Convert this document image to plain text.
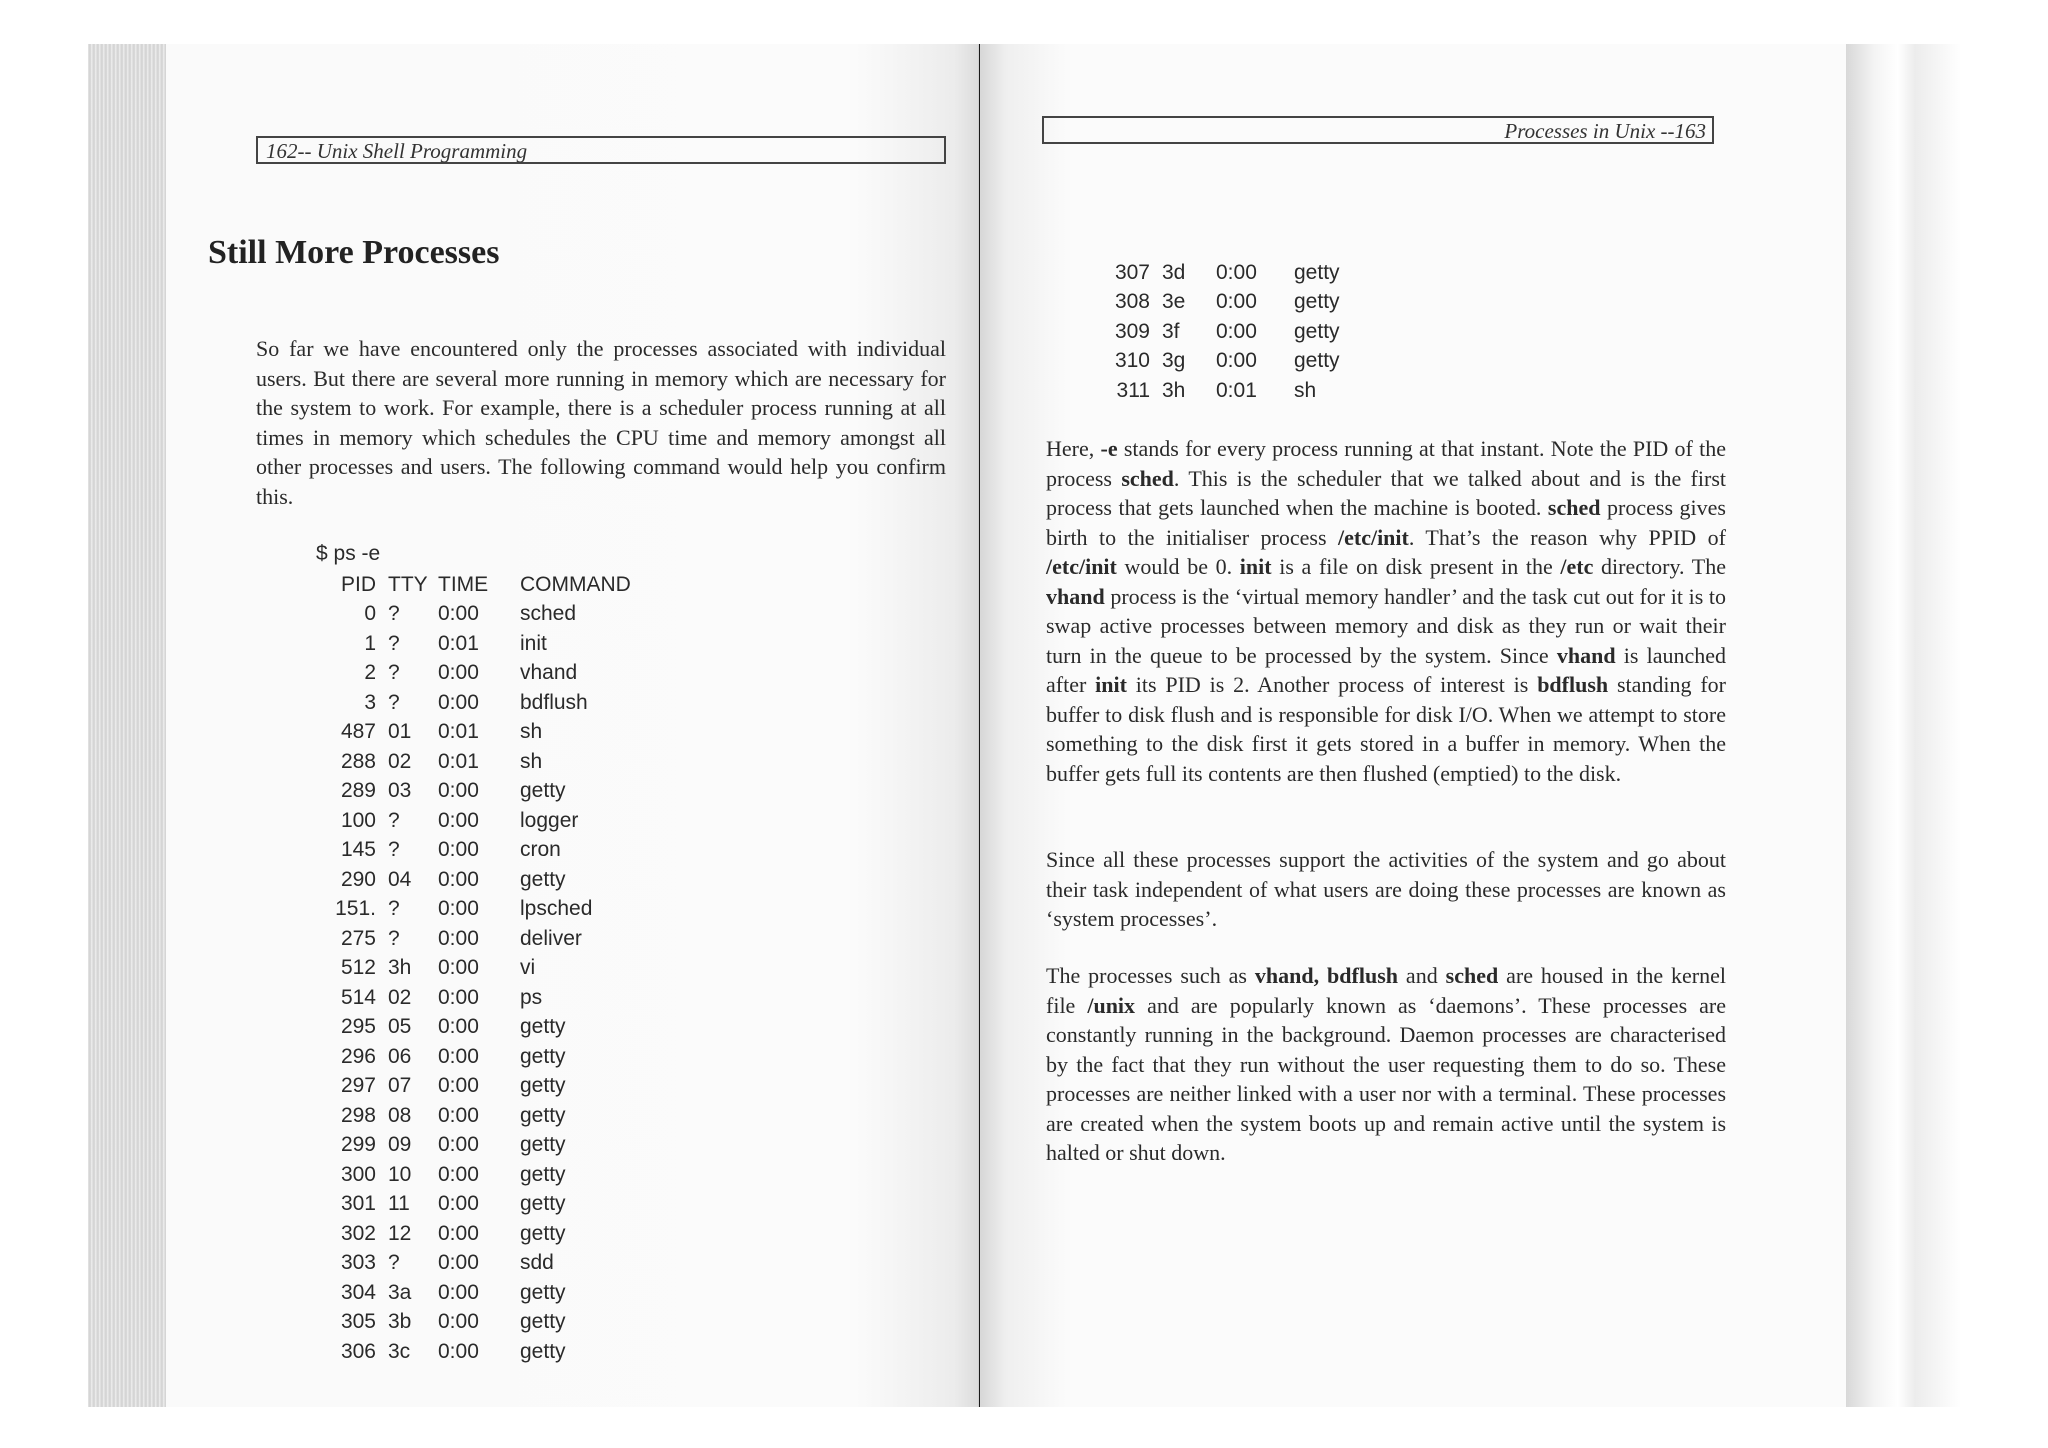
162-- Unix Shell Programming
Still More Processes

So far we have encountered only the processes associated with individual users. But there are several more running in memory which are necessary for the system to work. For example, there is a scheduler process running at all times in memory which schedules the CPU time and memory amongst all other processes and users. The following command would help you confirm this.

$ ps -e
PID	TTY	TIME	COMMAND
0	?	0:00	sched
1	?	0:01	init
2	?	0:00	vhand
3	?	0:00	bdflush
487	01	0:01	sh
288	02	0:01	sh
289	03	0:00	getty
100	?	0:00	logger
145	?	0:00	cron
290	04	0:00	getty
151.	?	0:00	lpsched
275	?	0:00	deliver
512	3h	0:00	vi
514	02	0:00	ps
295	05	0:00	getty
296	06	0:00	getty
297	07	0:00	getty
298	08	0:00	getty
299	09	0:00	getty
300	10	0:00	getty
301	11	0:00	getty
302	12	0:00	getty
303	?	0:00	sdd
304	3a	0:00	getty
305	3b	0:00	getty
306	3c	0:00	getty
Processes in Unix --163
307	3d	0:00	getty
308	3e	0:00	getty
309	3f	0:00	getty
310	3g	0:00	getty
311	3h	0:01	sh

Here, -e stands for every process running at that instant. Note the PID of the process sched. This is the scheduler that we talked about and is the first process that gets launched when the machine is booted. sched process gives birth to the initialiser process /etc/init. That’s the reason why PPID of /etc/init would be 0. init is a file on disk present in the /etc directory. The vhand process is the ‘virtual memory handler’ and the task cut out for it is to swap active processes between memory and disk as they run or wait their turn in the queue to be processed by the system. Since vhand is launched after init its PID is 2. Another process of interest is bdflush standing for buffer to disk flush and is responsible for disk I/O. When we attempt to store something to the disk first it gets stored in a buffer in memory. When the buffer gets full its contents are then flushed (emptied) to the disk.

Since all these processes support the activities of the system and go about their task independent of what users are doing these processes are known as ‘system processes’.

The processes such as vhand, bdflush and sched are housed in the kernel file /unix and are popularly known as ‘daemons’. These processes are constantly running in the background. Daemon processes are characterised by the fact that they run without the user requesting them to do so. These processes are neither linked with a user nor with a terminal. These processes are created when the system boots up and remain active until the system is halted or shut down.
